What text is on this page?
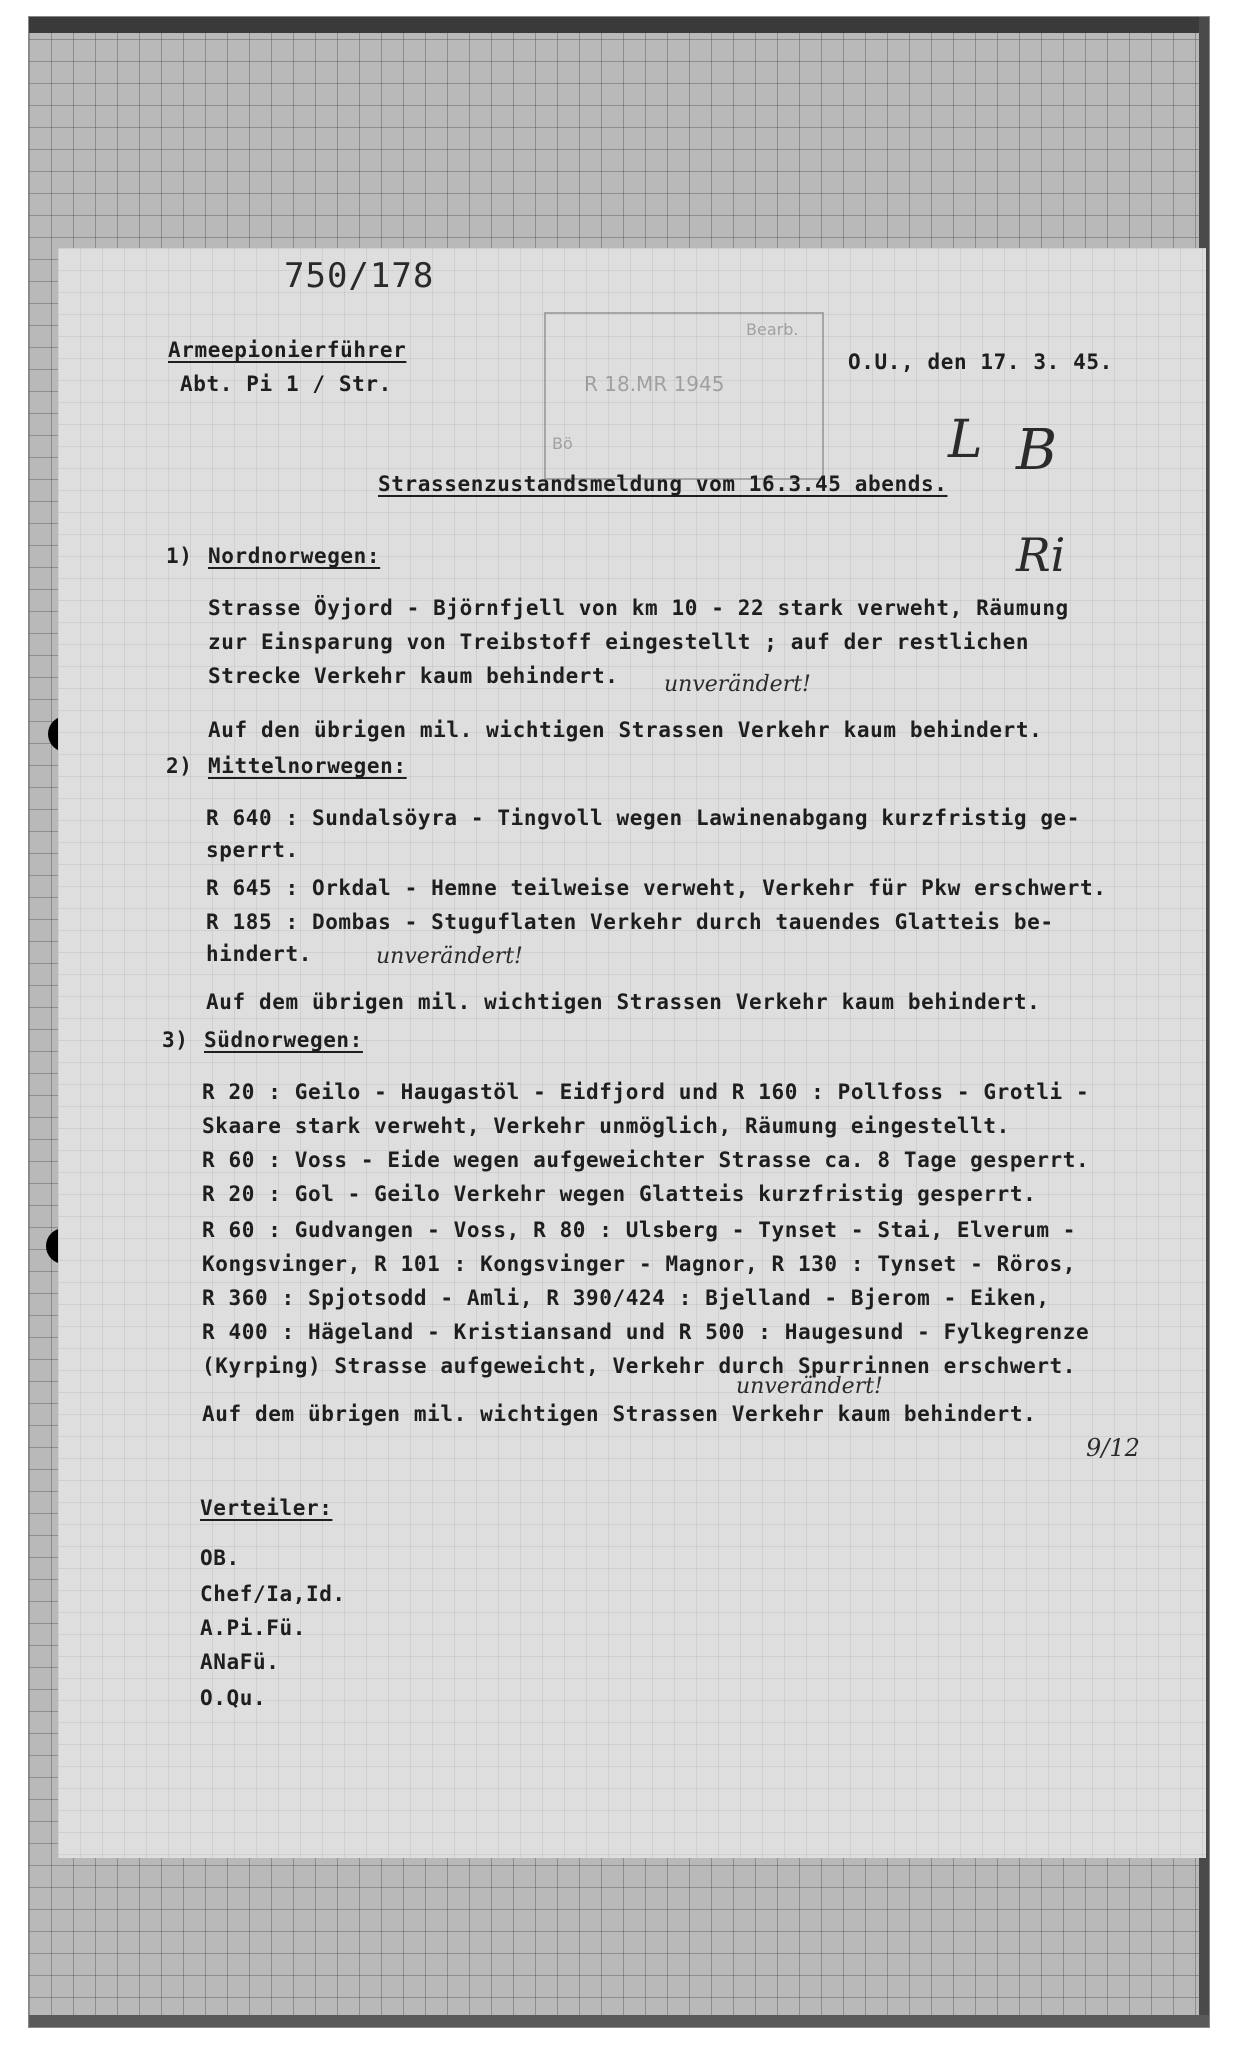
750/178
Armeepionierführer
Abt. Pi 1 / Str.
Bearb.
R 18.MR 1945
Bö
O.U., den 17. 3. 45.
L B
Ri
Strassenzustandsmeldung vom 16.3.45 abends.
1) Nordnorwegen:
Strasse Öyjord - Björnfjell von km 10 - 22 stark verweht, Räumung
zur Einsparung von Treibstoff eingestellt ; auf der restlichen
Strecke Verkehr kaum behindert. unverändert!
Auf den übrigen mil. wichtigen Strassen Verkehr kaum behindert.
2) Mittelnorwegen:
R 640 : Sundalsöyra - Tingvoll wegen Lawinenabgang kurzfristig ge-
sperrt.
R 645 : Orkdal - Hemne teilweise verweht, Verkehr für Pkw erschwert.
R 185 : Dombas - Stuguflaten Verkehr durch tauendes Glatteis be-
hindert.	unverändert!
Auf dem übrigen mil. wichtigen Strassen Verkehr kaum behindert.
3) Südnorwegen:
R 20 : Geilo - Haugastöl - Eidfjord und R 160 : Pollfoss - Grotli -
Skaare stark verweht, Verkehr unmöglich, Räumung eingestellt.
R 60 : Voss - Eide wegen aufgeweichter Strasse ca. 8 Tage gesperrt.
R 20 : Gol - Geilo Verkehr wegen Glatteis kurzfristig gesperrt.
R 60 : Gudvangen - Voss, R 80 : Ulsberg - Tynset - Stai, Elverum -
Kongsvinger, R 101 : Kongsvinger - Magnor, R 130 : Tynset - Röros,
R 360 : Spjotsodd - Amli, R 390/424 : Bjelland - Bjerom - Eiken,
R 400 : Hägeland - Kristiansand und R 500 : Haugesund - Fylkegrenze
(Kyrping) Strasse aufgeweicht, Verkehr durch Spurrinnen erschwert.
unverändert!
Auf dem übrigen mil. wichtigen Strassen Verkehr kaum behindert.
9/12
Verteiler:
OB.
Chef/Ia,Id.
A.Pi.Fü.
ANaFü.
O.Qu.
